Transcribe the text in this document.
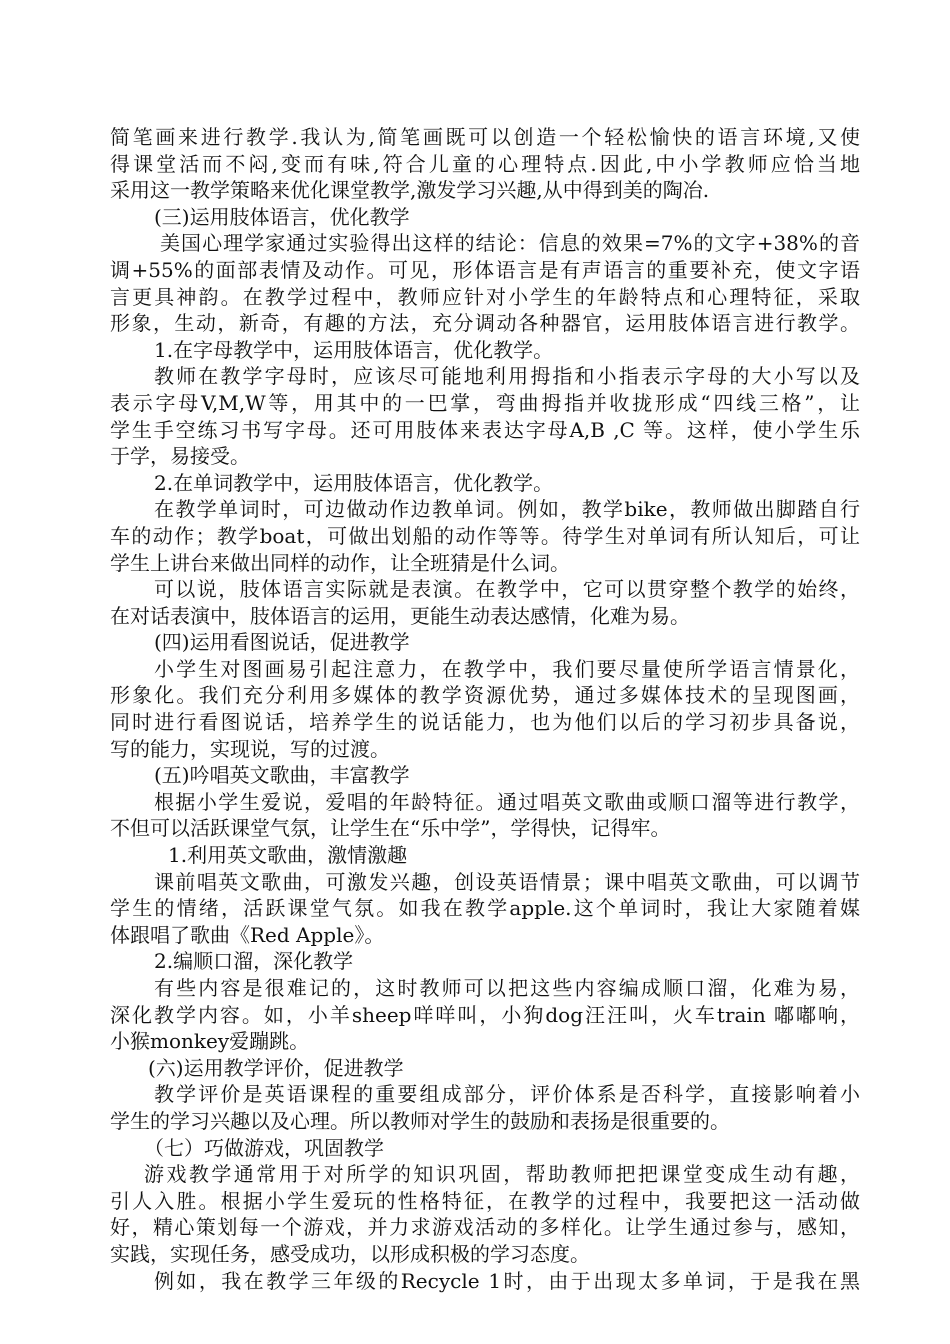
简笔画来进行教学.我认为,简笔画既可以创造一个轻松愉快的语言环境,又使
得课堂活而不闷,变而有味,符合儿童的心理特点.因此,中小学教师应恰当地
采用这一教学策略来优化课堂教学,激发学习兴趣,从中得到美的陶冶.
(三)运用肢体语言，优化教学
美国心理学家通过实验得出这样的结论：信息的效果=7%的文字+38%的音
调+55%的面部表情及动作。可见，形体语言是有声语言的重要补充，使文字语
言更具神韵。在教学过程中，教师应针对小学生的年龄特点和心理特征，采取
形象，生动，新奇，有趣的方法，充分调动各种器官，运用肢体语言进行教学。
1.在字母教学中，运用肢体语言，优化教学。
教师在教学字母时，应该尽可能地利用拇指和小指表示字母的大小写以及
表示字母V,M,W等，用其中的一巴掌，弯曲拇指并收拢形成“四线三格”，让
学生手空练习书写字母。还可用肢体来表达字母A,B ,C 等。这样，使小学生乐
于学，易接受。
2.在单词教学中，运用肢体语言，优化教学。
在教学单词时，可边做动作边教单词。例如，教学bike，教师做出脚踏自行
车的动作；教学boat，可做出划船的动作等等。待学生对单词有所认知后，可让
学生上讲台来做出同样的动作，让全班猜是什么词。
可以说，肢体语言实际就是表演。在教学中，它可以贯穿整个教学的始终，
在对话表演中，肢体语言的运用，更能生动表达感情，化难为易。
(四)运用看图说话，促进教学
小学生对图画易引起注意力，在教学中，我们要尽量使所学语言情景化，
形象化。我们充分利用多媒体的教学资源优势，通过多媒体技术的呈现图画，
同时进行看图说话，培养学生的说话能力，也为他们以后的学习初步具备说，
写的能力，实现说，写的过渡。
(五)吟唱英文歌曲，丰富教学
根据小学生爱说，爱唱的年龄特征。通过唱英文歌曲或顺口溜等进行教学，
不但可以活跃课堂气氛，让学生在“乐中学”，学得快，记得牢。
1.利用英文歌曲，激情激趣
课前唱英文歌曲，可激发兴趣，创设英语情景；课中唱英文歌曲，可以调节
学生的情绪，活跃课堂气氛。如我在教学apple.这个单词时，我让大家随着媒
体跟唱了歌曲《Red Apple》。
2.编顺口溜，深化教学
有些内容是很难记的，这时教师可以把这些内容编成顺口溜，化难为易，
深化教学内容。如，小羊sheep咩咩叫，小狗dog汪汪叫，火车train 嘟嘟响，
小猴monkey爱蹦跳。
(六)运用教学评价，促进教学
教学评价是英语课程的重要组成部分，评价体系是否科学，直接影响着小
学生的学习兴趣以及心理。所以教师对学生的鼓励和表扬是很重要的。
（七）巧做游戏，巩固教学
游戏教学通常用于对所学的知识巩固，帮助教师把把课堂变成生动有趣，
引人入胜。根据小学生爱玩的性格特征，在教学的过程中，我要把这一活动做
好，精心策划每一个游戏，并力求游戏活动的多样化。让学生通过参与，感知，
实践，实现任务，感受成功，以形成积极的学习态度。
例如，我在教学三年级的Recycle 1时，由于出现太多单词，于是我在黑
